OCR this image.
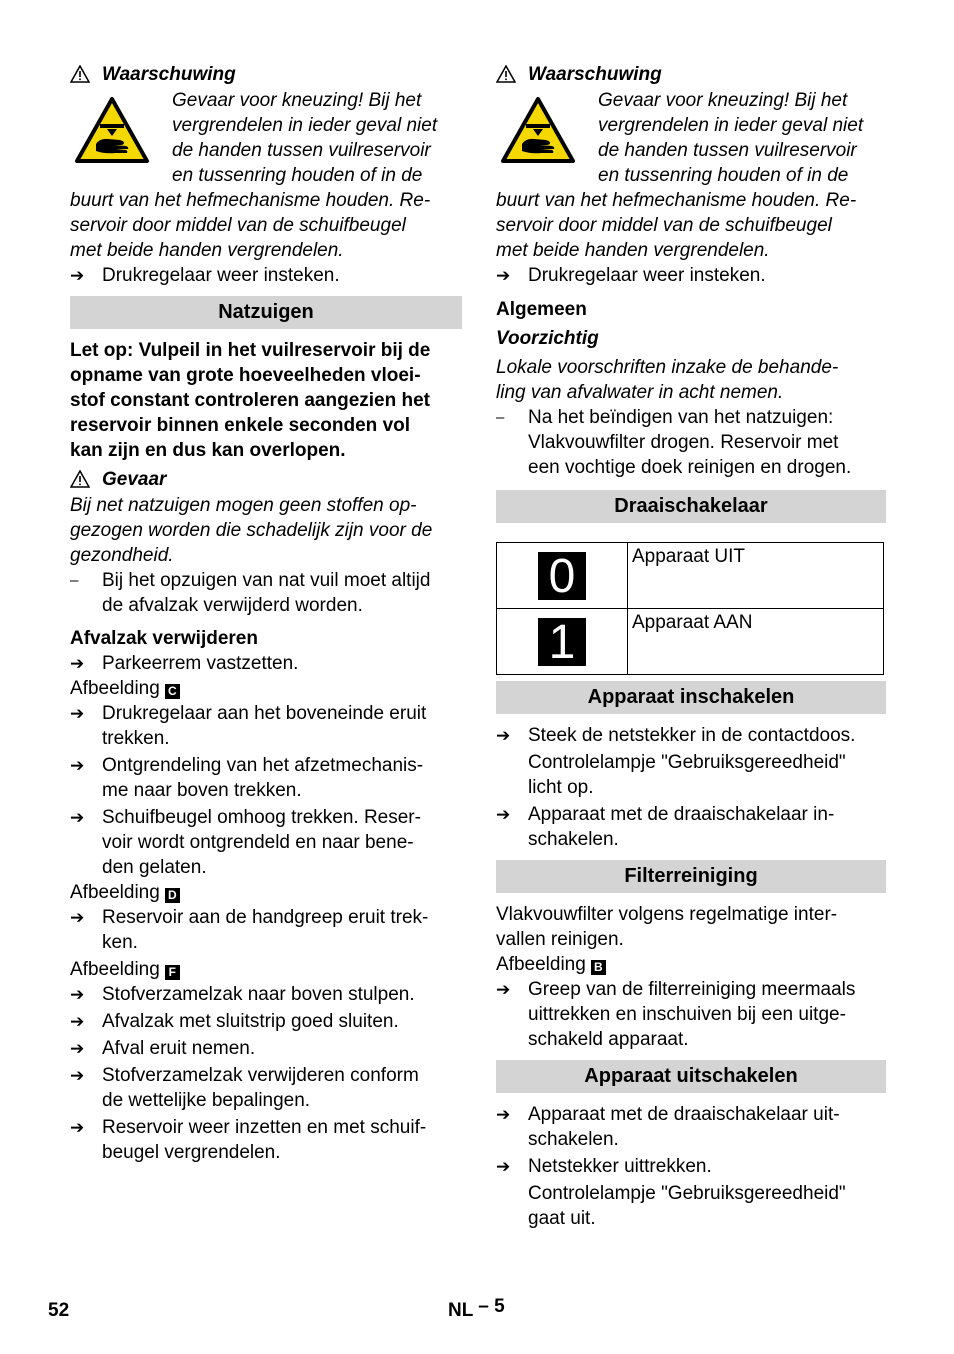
Waarschuwing

Gevaar voor kneuzing! Bij het

vergrendelen in ieder geval niet

de handen tussen vuilreservoir

en tussenring houden of in de

buurt van het hefmechanisme houden. Re-

servoir door middel van de schuifbeugel

met beide handen vergrendelen.

➔ Drukregelaar weer insteken.
Natzuigen

Let op: Vulpeil in het vuilreservoir bij de

opname van grote hoeveelheden vloei-

stof constant controleren aangezien het

reservoir binnen enkele seconden vol

kan zijn en dus kan overlopen.

Gevaar

Bij net natzuigen mogen geen stoffen op-

gezogen worden die schadelijk zijn voor de

gezondheid.

–	Bij het opzuigen van nat vuil moet altijd

de afvalzak verwijderd worden.

Afvalzak verwijderen
➔ Parkeerrem vastzetten.
Afbeelding C
➔ Drukregelaar aan het boveneinde eruit

trekken.

➔ Ontgrendeling van het afzetmechanis-

me naar boven trekken.

➔ Schuifbeugel omhoog trekken. Reser-

voir wordt ontgrendeld en naar bene-

den gelaten.

Afbeelding D
➔ Reservoir aan de handgreep eruit trek-

ken.

Afbeelding F
➔ Stofverzamelzak naar boven stulpen.
➔ Afvalzak met sluitstrip goed sluiten.
➔ Afval eruit nemen.
➔ Stofverzamelzak verwijderen conform

de wettelijke bepalingen.

➔ Reservoir weer inzetten en met schuif-

beugel vergrendelen.

Waarschuwing

Gevaar voor kneuzing! Bij het

vergrendelen in ieder geval niet

de handen tussen vuilreservoir

en tussenring houden of in de

buurt van het hefmechanisme houden. Re-

servoir door middel van de schuifbeugel

met beide handen vergrendelen.

➔ Drukregelaar weer insteken.
Algemeen
Voorzichtig

Lokale voorschriften inzake de behande-

ling van afvalwater in acht nemen.

–	Na het beïndigen van het natzuigen:

Vlakvouwfilter drogen. Reservoir met

een vochtige doek reinigen en drogen.

Draaischakelaar
0	Apparaat UIT
1	Apparaat AAN
Apparaat inschakelen
➔ Steek de netstekker in de contactdoos.

Controlelampje "Gebruiksgereedheid"

licht op.

➔ Apparaat met de draaischakelaar in-

schakelen.

Filterreiniging

Vlakvouwfilter volgens regelmatige inter-

vallen reinigen.

Afbeelding B
➔ Greep van de filterreiniging meermaals

uittrekken en inschuiven bij een uitge-

schakeld apparaat.

Apparaat uitschakelen
➔ Apparaat met de draaischakelaar uit-

schakelen.

➔ Netstekker uittrekken.

Controlelampje "Gebruiksgereedheid"

gaat uit.

52	NL – 5
